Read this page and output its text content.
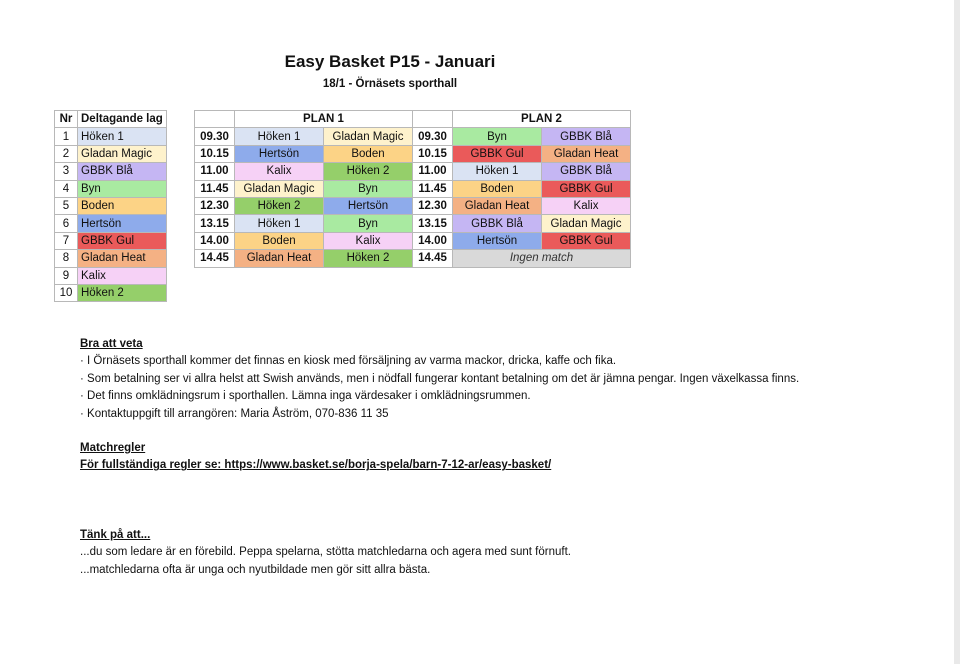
Easy Basket P15 - Januari
18/1 - Örnäsets sporthall
Nr	Deltagande lag
1	Höken 1
2	Gladan Magic
3	GBBK Blå
4	Byn
5	Boden
6	Hertsön
7	GBBK Gul
8	Gladan Heat
9	Kalix
10	Höken 2
	PLAN 1			PLAN 2	
09.30	Höken 1	Gladan Magic	09.30	Byn	GBBK Blå
10.15	Hertsön	Boden	10.15	GBBK Gul	Gladan Heat
11.00	Kalix	Höken 2	11.00	Höken 1	GBBK Blå
11.45	Gladan Magic	Byn	11.45	Boden	GBBK Gul
12.30	Höken 2	Hertsön	12.30	Gladan Heat	Kalix
13.15	Höken 1	Byn	13.15	GBBK Blå	Gladan Magic
14.00	Boden	Kalix	14.00	Hertsön	GBBK Gul
14.45	Gladan Heat	Höken 2	14.45	Ingen match	
Bra att veta
· I Örnäsets sporthall kommer det finnas en kiosk med försäljning av varma mackor, dricka, kaffe och fika.
· Som betalning ser vi allra helst att Swish används, men i nödfall fungerar kontant betalning om det är jämna pengar. Ingen växelkassa finns.
· Det finns omklädningsrum i sporthallen. Lämna inga värdesaker i omklädningsrummen.
· Kontaktuppgift till arrangören: Maria Åström, 070-836 11 35
Matchregler
För fullständiga regler se: https://www.basket.se/borja-spela/barn-7-12-ar/easy-basket/
Tänk på att...
...du som ledare är en förebild. Peppa spelarna, stötta matchledarna och agera med sunt förnuft.
...matchledarna ofta är unga och nyutbildade men gör sitt allra bästa.
